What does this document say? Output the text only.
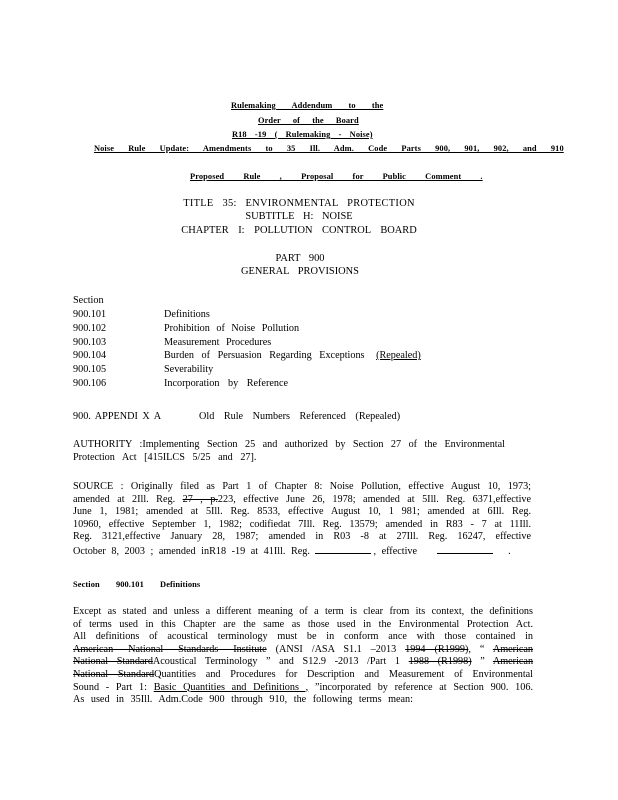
Rulemaking Addendum to the
Order of the Board
R18 -19 ( Rulemaking - Noise)
Noise Rule Update: Amendments to 35 Ill. Adm. Code Parts 900, 901, 902, and 910
Proposed Rule , Proposal for Public Comment .
TITLE 35: ENVIRONMENTAL PROTECTION
SUBTITLE H: NOISE
CHAPTER I: POLLUTION CONTROL BOARD
PART 900
GENERAL PROVISIONS
Section
900.101	Definitions
900.102	Prohibition of Noise Pollution
900.103	Measurement Procedures
900.104	Burden of Persuasion Regarding Exceptions (Repealed)
900.105	Severability
900.106	Incorporation by Reference
900. APPENDI X A	Old Rule Numbers Referenced (Repealed)
AUTHORITY :Implementing Section 25 and authorized by Section 27 of the Environmental
Protection Act [415ILCS 5/25 and 27].
SOURCE : Originally filed as Part 1 of Chapter 8: Noise Pollution, effective August 10, 1973;
amended at 2Ill. Reg. 27 , p.223, effective June 26, 1978; amended at 5Ill. Reg. 6371,effective
June 1, 1981; amended at 5Ill. Reg. 8533, effective August 10, 1 981; amended at 6Ill. Reg.
10960, effective September 1, 1982; codifiedat 7Ill. Reg. 13579; amended in R83 - 7 at 11Ill.
Reg. 3121,effective January 28, 1987; amended in R03 -8 at 27Ill. Reg. 16247, effective
October 8, 2003 ; amended inR18 -19 at 41Ill. Reg.	, effective	.
Section 900.101 Definitions
Except as stated and unless a different meaning of a term is clear from its context, the definitions
of terms used in this Chapter are the same as those used in the Environmental Protection Act.
All definitions of acoustical terminology must be in conform ance with those contained in
American National Standards Institute (ANSI /ASA S1.1 –2013 1994 (R1999), “ American
National StandardAcoustical Terminology ” and S12.9 -2013 /Part 1 1988 (R1998) ” American
National StandardQuantities and Procedures for Description and Measurement of Environmental
Sound - Part 1: Basic Quantities and Definitions , ”incorporated by reference at Section 900. 106.
As used in 35Ill. Adm.Code 900 through 910, the following terms mean:
